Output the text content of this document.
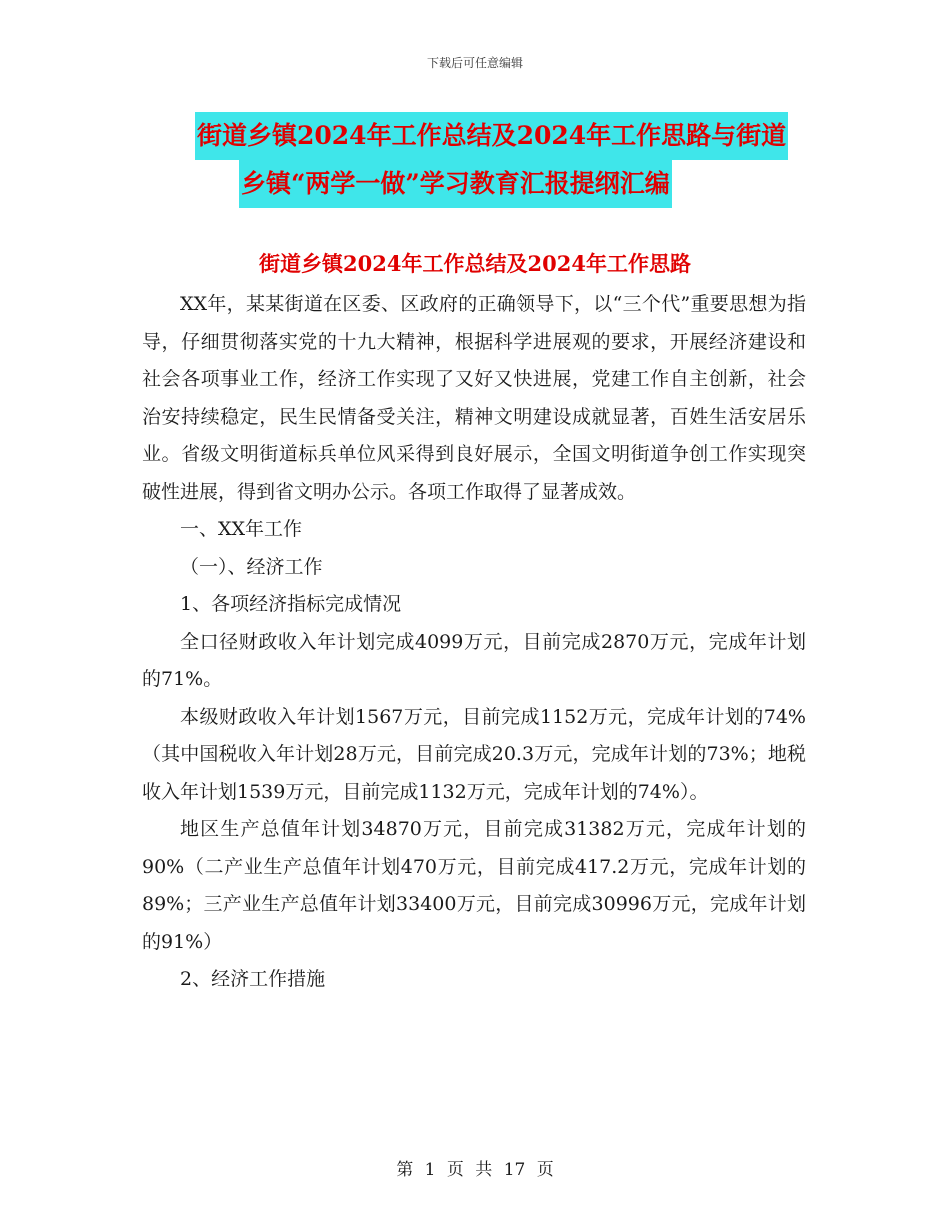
下载后可任意编辑
街道乡镇2024年工作总结及2024年工作思路与街道
乡镇“两学一做”学习教育汇报提纲汇编
街道乡镇2024年工作总结及2024年工作思路

XX年，某某街道在区委、区政府的正确领导下，以“三个代”重要思想为指导，仔细贯彻落实党的十九大精神，根据科学进展观的要求，开展经济建设和社会各项事业工作，经济工作实现了又好又快进展，党建工作自主创新，社会治安持续稳定，民生民情备受关注，精神文明建设成就显著，百姓生活安居乐业。省级文明街道标兵单位风采得到良好展示，全国文明街道争创工作实现突破性进展，得到省文明办公示。各项工作取得了显著成效。

一、XX年工作

（一）、经济工作

1、各项经济指标完成情况

全口径财政收入年计划完成4099万元，目前完成2870万元，完成年计划的71%。

本级财政收入年计划1567万元，目前完成1152万元，完成年计划的74%（其中国税收入年计划28万元，目前完成20.3万元，完成年计划的73%；地税收入年计划1539万元，目前完成1132万元，完成年计划的74%）。

地区生产总值年计划34870万元，目前完成31382万元，完成年计划的90%（二产业生产总值年计划470万元，目前完成417.2万元，完成年计划的89%；三产业生产总值年计划33400万元，目前完成30996万元，完成年计划的91%）

2、经济工作措施

第 1 页 共 17 页
